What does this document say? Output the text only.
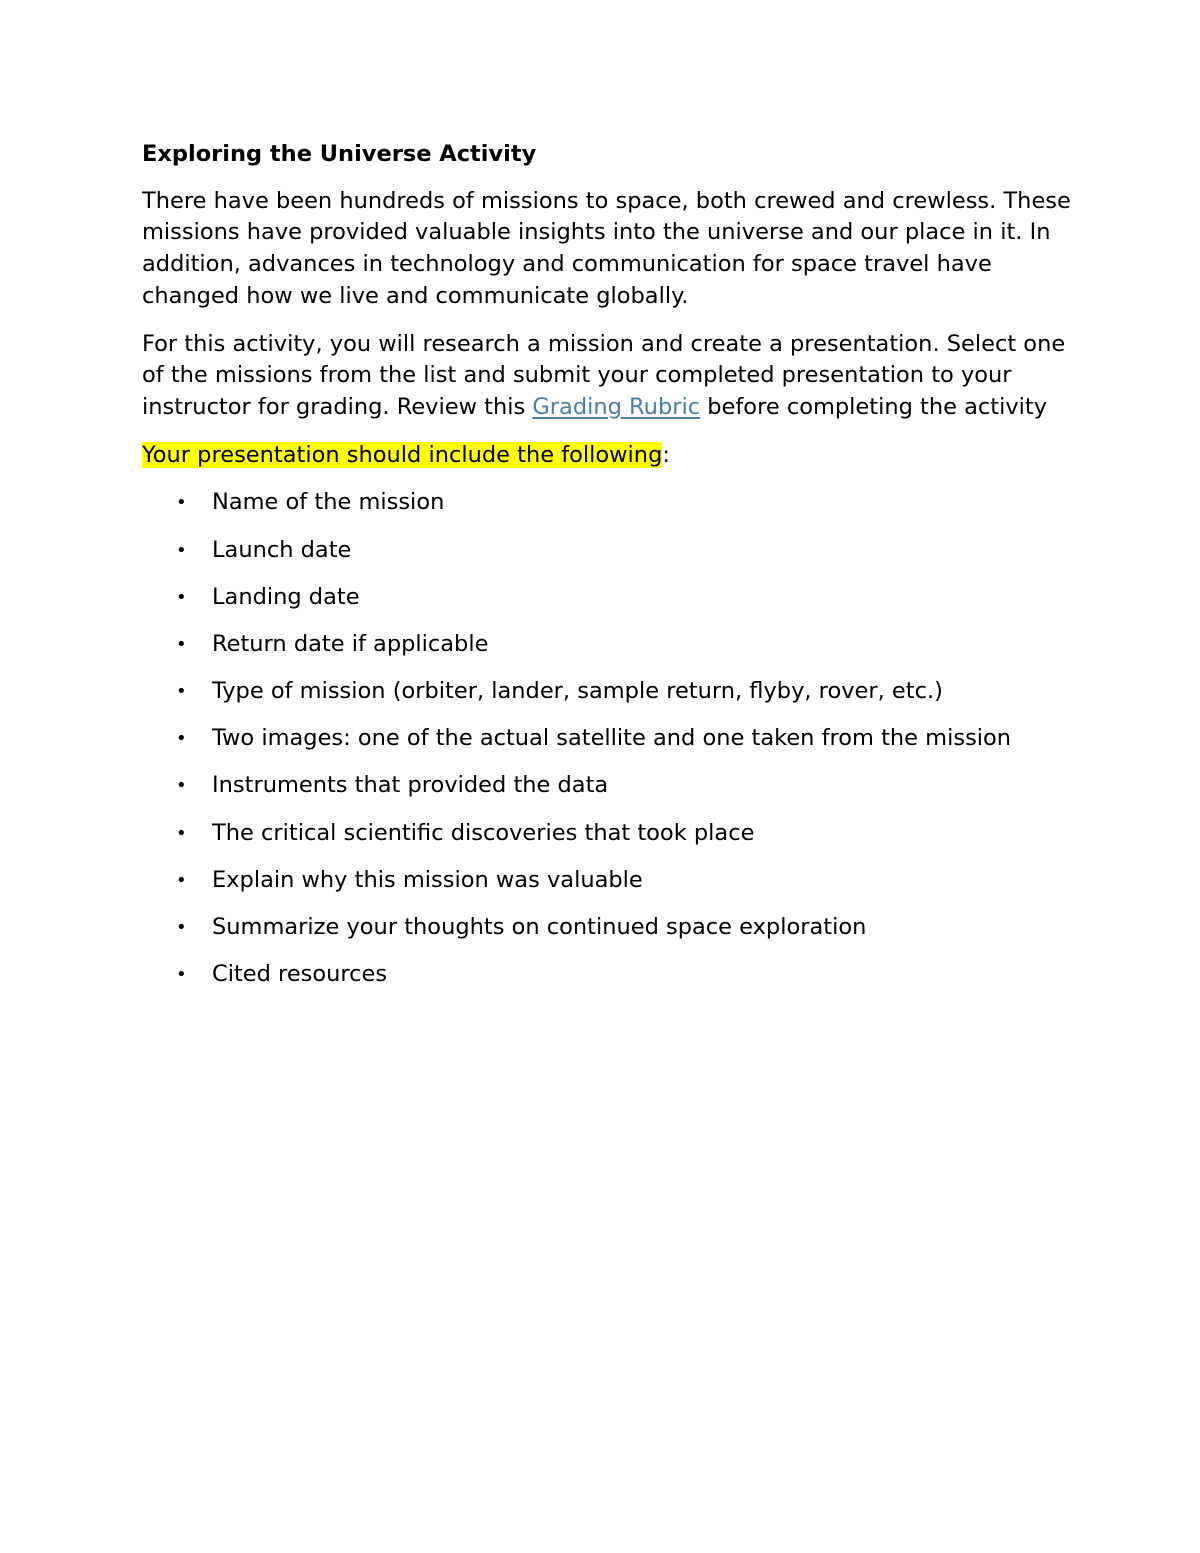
Exploring the Universe Activity
There have been hundreds of missions to space, both crewed and crewless. These missions have provided valuable insights into the universe and our place in it. In addition, advances in technology and communication for space travel have changed how we live and communicate globally.
For this activity, you will research a mission and create a presentation. Select one of the missions from the list and submit your completed presentation to your instructor for grading. Review this Grading Rubric before completing the activity
Your presentation should include the following:
• Name of the mission
• Launch date
• Landing date
• Return date if applicable
• Type of mission (orbiter, lander, sample return, flyby, rover, etc.)
• Two images: one of the actual satellite and one taken from the mission
• Instruments that provided the data
• The critical scientific discoveries that took place
• Explain why this mission was valuable
• Summarize your thoughts on continued space exploration
• Cited resources
